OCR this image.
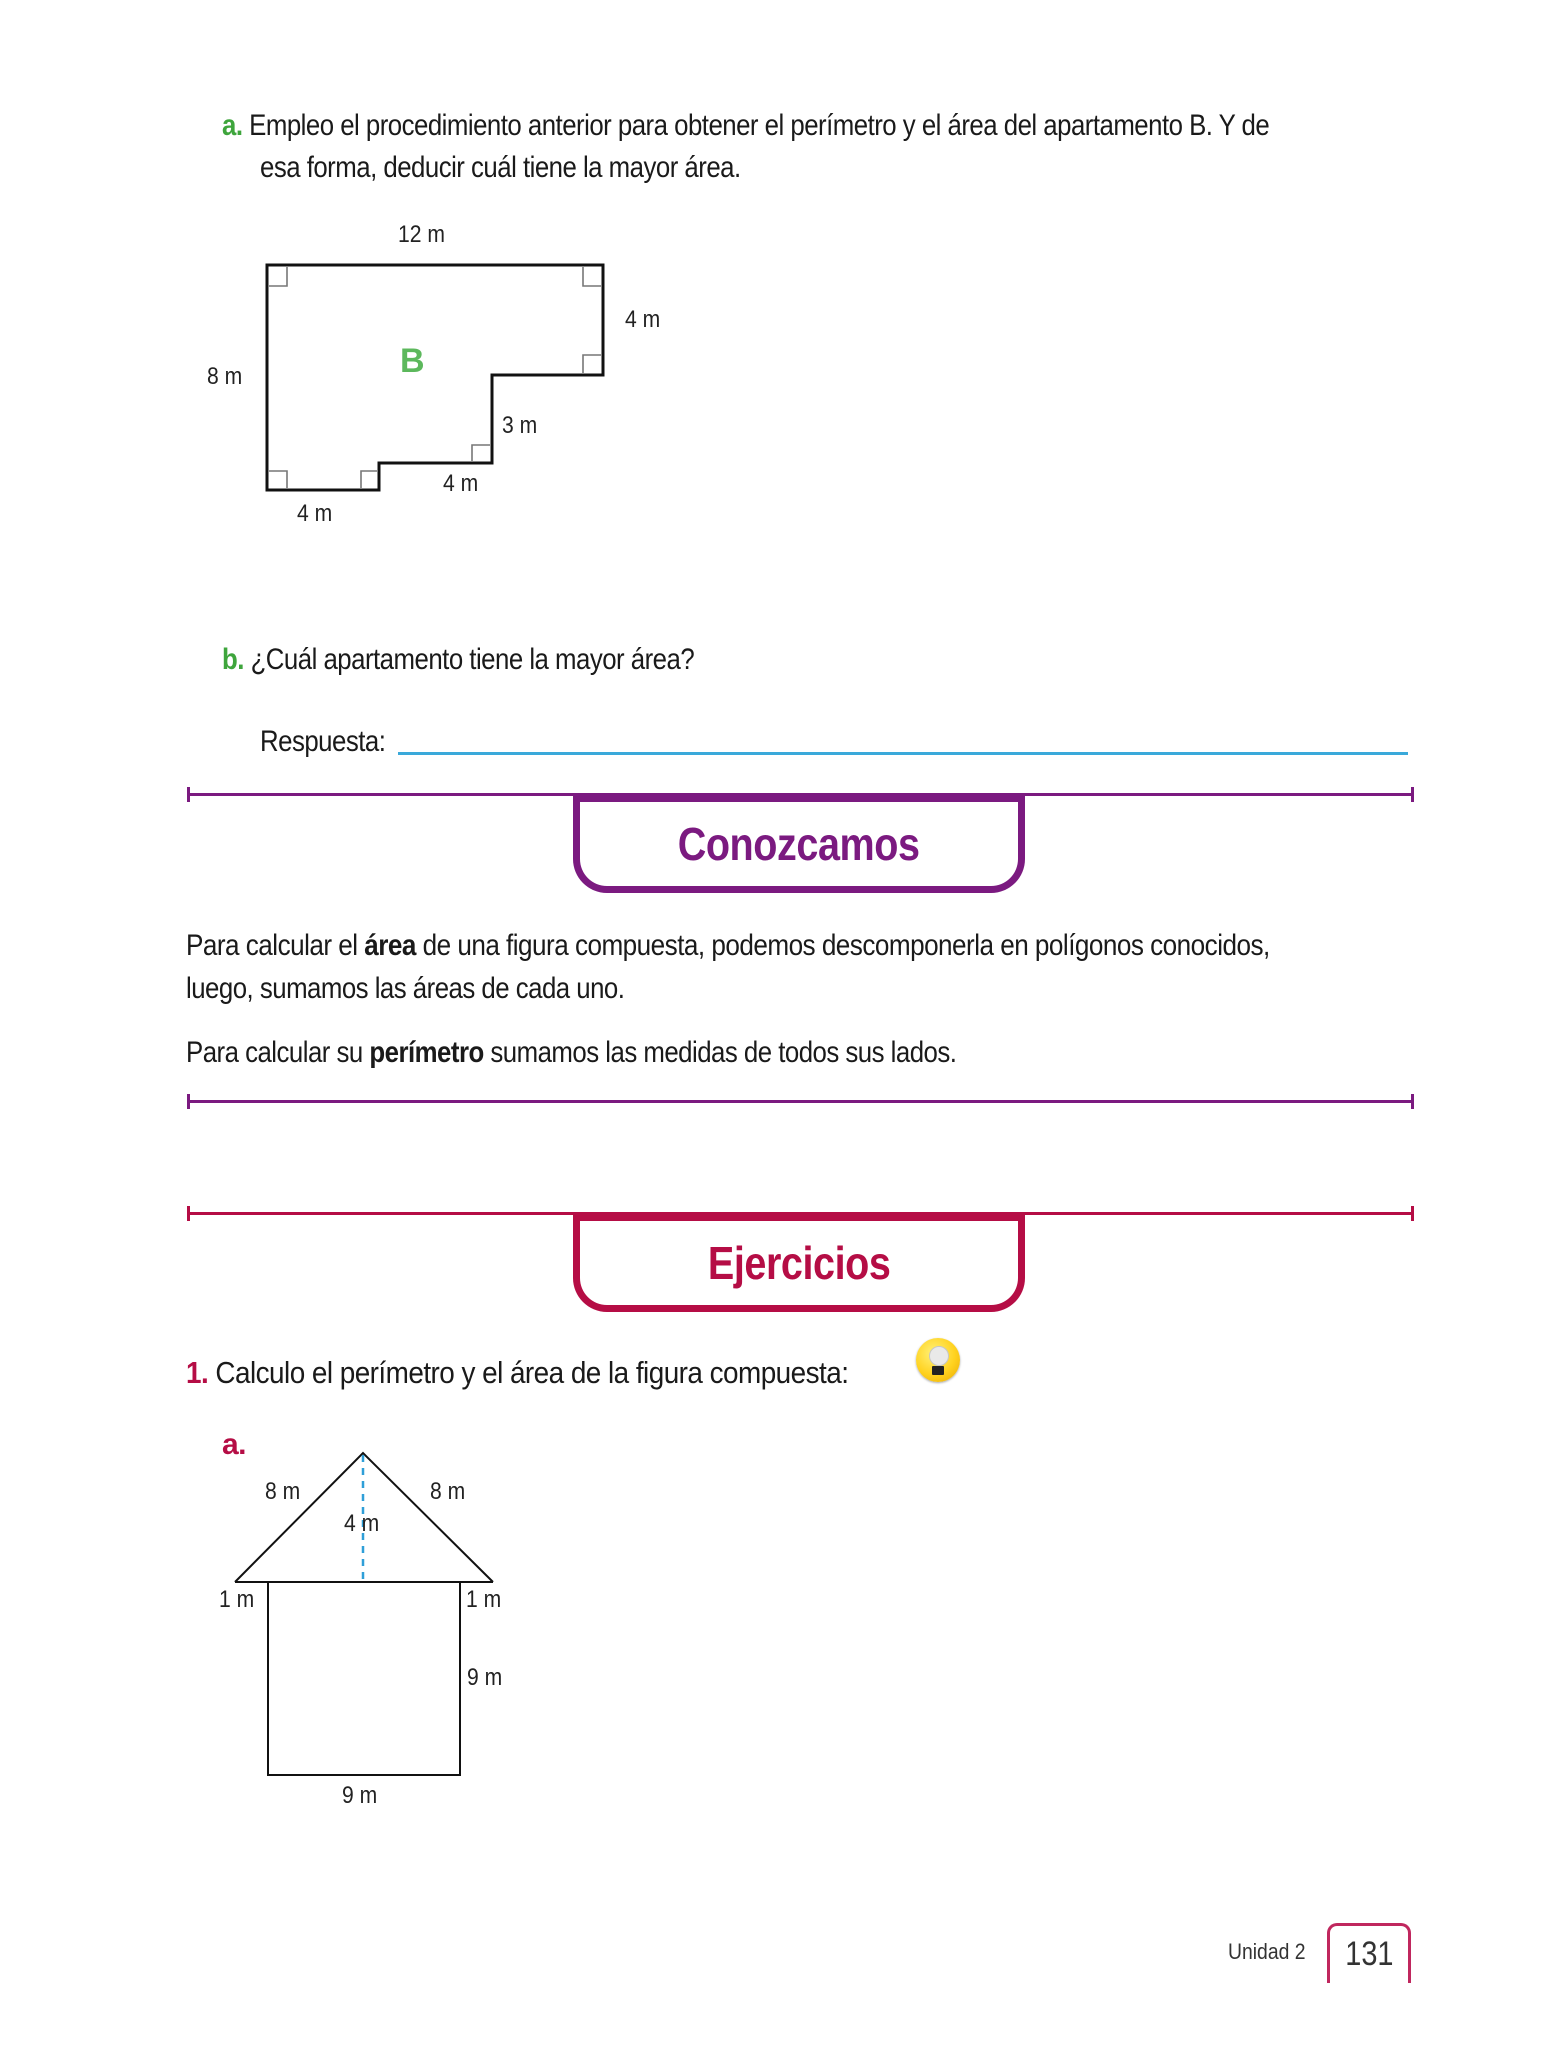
a. Empleo el procedimiento anterior para obtener el perímetro y el área del apartamento B. Y de
esa forma, deducir cuál tiene la mayor área.
12 m
4 m
8 m
3 m
4 m
4 m
B
b. ¿Cuál apartamento tiene la mayor área?
Respuesta:
Conozcamos
Para calcular el área de una figura compuesta, podemos descomponerla en polígonos conocidos,
luego, sumamos las áreas de cada uno.
Para calcular su perímetro sumamos las medidas de todos sus lados.
Ejercicios
1. Calculo el perímetro y el área de la figura compuesta:
a.
8 m	8 m
4 m
1 m	1 m
9 m
9 m
Unidad 2 131
